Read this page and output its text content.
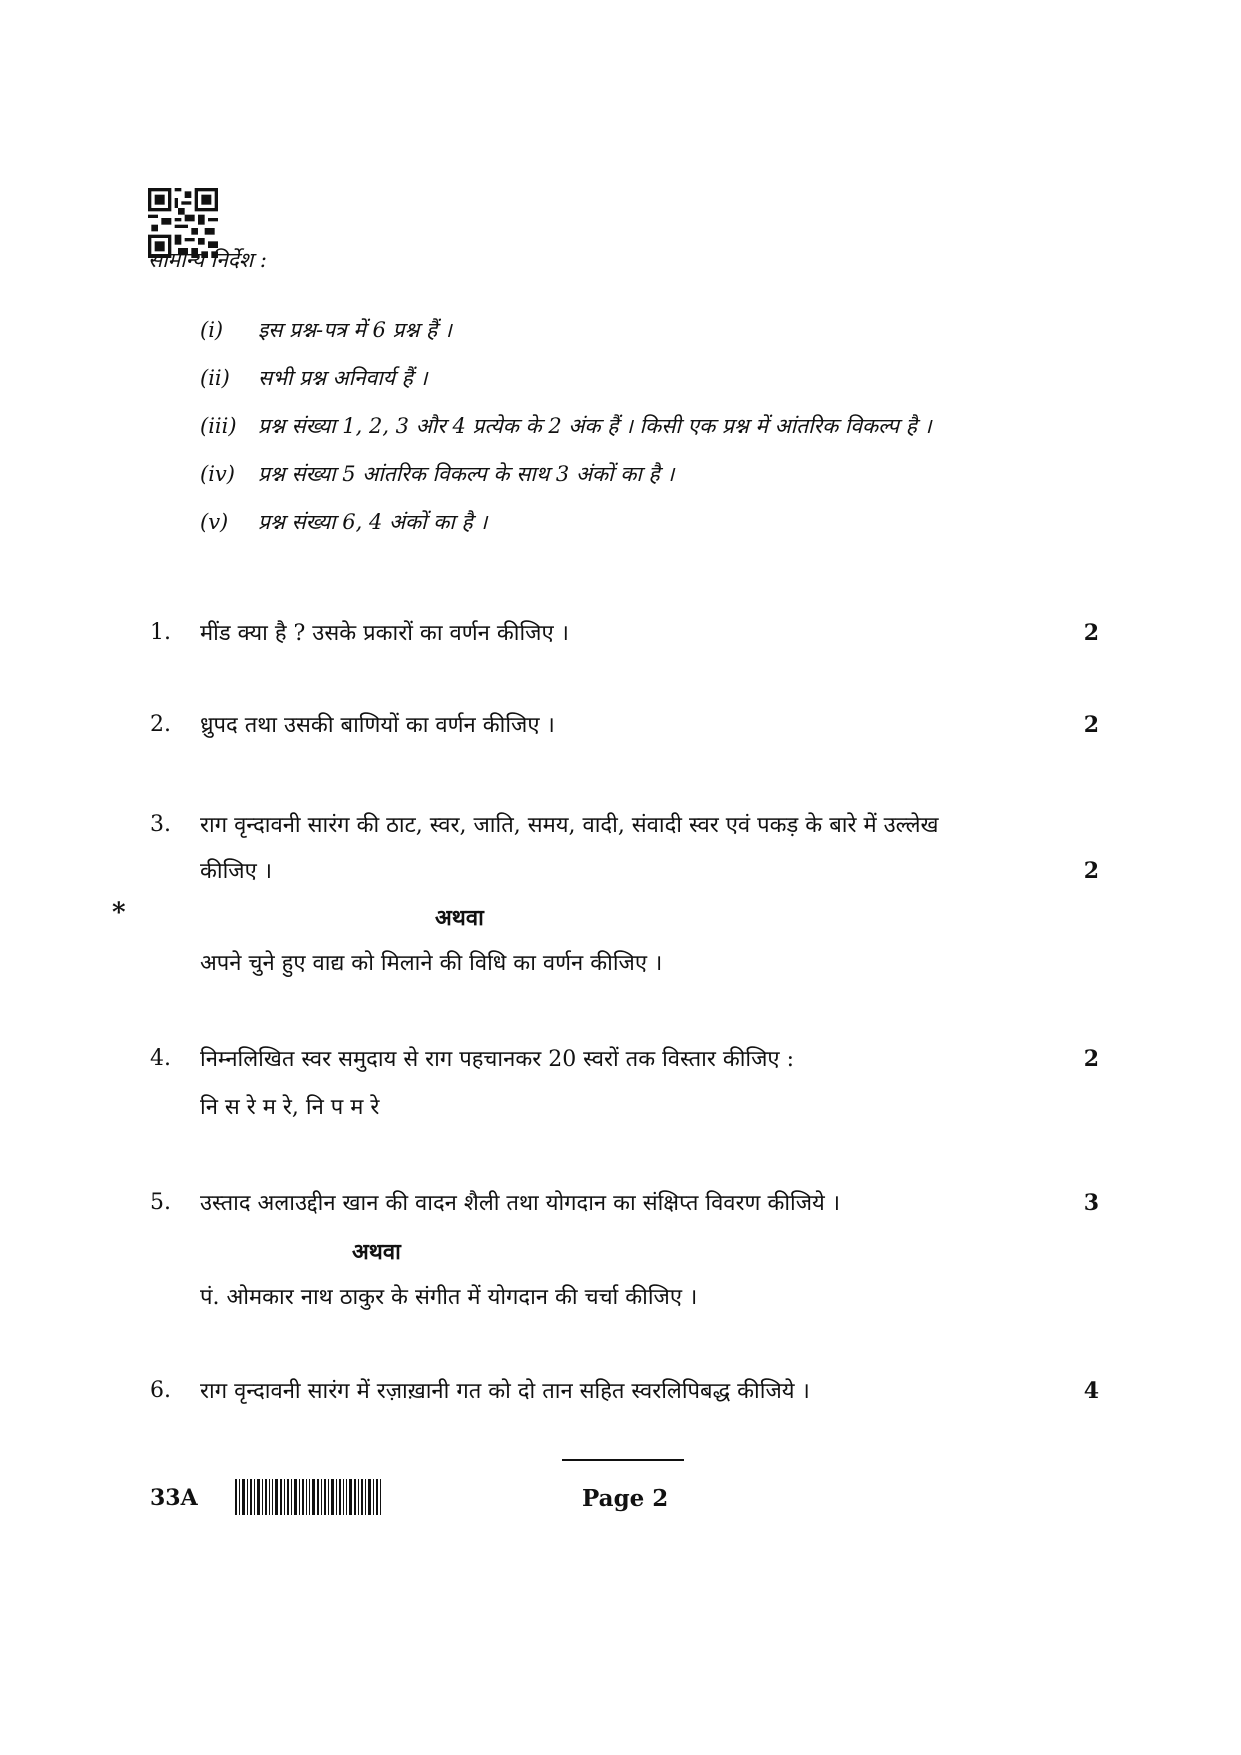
सामान्य निर्देश :
(i) इस प्रश्न-पत्र में 6 प्रश्न हैं ।
(ii) सभी प्रश्न अनिवार्य हैं ।
(iii) प्रश्न संख्या 1, 2, 3 और 4 प्रत्येक के 2 अंक हैं । किसी एक प्रश्न में आंतरिक विकल्प है ।
(iv) प्रश्न संख्या 5 आंतरिक विकल्प के साथ 3 अंकों का है ।
(v) प्रश्न संख्या 6, 4 अंकों का है ।
1. मींड क्या है ? उसके प्रकारों का वर्णन कीजिए ।	2
2. ध्रुपद तथा उसकी बाणियों का वर्णन कीजिए ।	2
3. राग वृन्दावनी सारंग की ठाट, स्वर, जाति, समय, वादी, संवादी स्वर एवं पकड़ के बारे में उल्लेख
कीजिए ।	2
*	अथवा
अपने चुने हुए वाद्य को मिलाने की विधि का वर्णन कीजिए ।
4. निम्नलिखित स्वर समुदाय से राग पहचानकर 20 स्वरों तक विस्तार कीजिए :	2
नि स रे म रे, नि प म रे
5. उस्ताद अलाउद्दीन खान की वादन शैली तथा योगदान का संक्षिप्त विवरण कीजिये ।	3
अथवा
पं. ओमकार नाथ ठाकुर के संगीत में योगदान की चर्चा कीजिए ।
6. राग वृन्दावनी सारंग में रज़ाख़ानी गत को दो तान सहित स्वरलिपिबद्ध कीजिये ।	4
33A	Page 2
